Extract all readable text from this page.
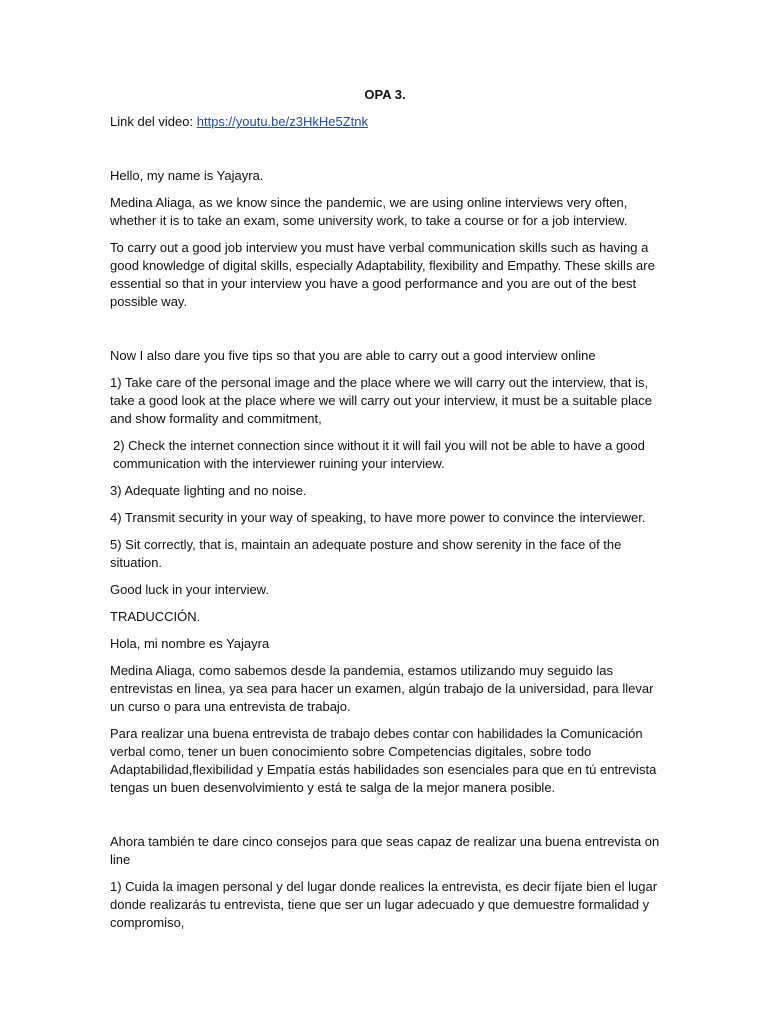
OPA 3.
Link del video: https://youtu.be/z3HkHe5Ztnk
Hello, my name is Yajayra.
Medina Aliaga, as we know since the pandemic, we are using online interviews very often, whether it is to take an exam, some university work, to take a course or for a job interview.
To carry out a good job interview you must have verbal communication skills such as having a good knowledge of digital skills, especially Adaptability, flexibility and Empathy. These skills are essential so that in your interview you have a good performance and you are out of the best possible way.
Now I also dare you five tips so that you are able to carry out a good interview online
1) Take care of the personal image and the place where we will carry out the interview, that is, take a good look at the place where we will carry out your interview, it must be a suitable place and show formality and commitment,
2) Check the internet connection since without it it will fail you will not be able to have a good communication with the interviewer ruining your interview.
3) Adequate lighting and no noise.
4) Transmit security in your way of speaking, to have more power to convince the interviewer.
5) Sit correctly, that is, maintain an adequate posture and show serenity in the face of the situation.
Good luck in your interview.
TRADUCCIÓN.
Hola, mi nombre es Yajayra
Medina Aliaga, como sabemos desde la pandemia, estamos utilizando muy seguido las entrevistas en linea, ya sea para hacer un examen, algún trabajo de la universidad, para llevar un curso o para una entrevista de trabajo.
Para realizar una buena entrevista de trabajo debes contar con habilidades la Comunicación verbal como, tener un buen conocimiento sobre Competencias digitales, sobre todo Adaptabilidad,flexibilidad y Empatía estás habilidades son esenciales para que en tú entrevista tengas un buen desenvolvimiento y está te salga de la mejor manera posible.
Ahora también te dare cinco consejos para que seas capaz de realizar una buena entrevista on line
1) Cuida la imagen personal y del lugar donde realices la entrevista, es decir fíjate bien el lugar donde realizarás tu entrevista, tiene que ser un lugar adecuado y que demuestre formalidad y compromiso,
